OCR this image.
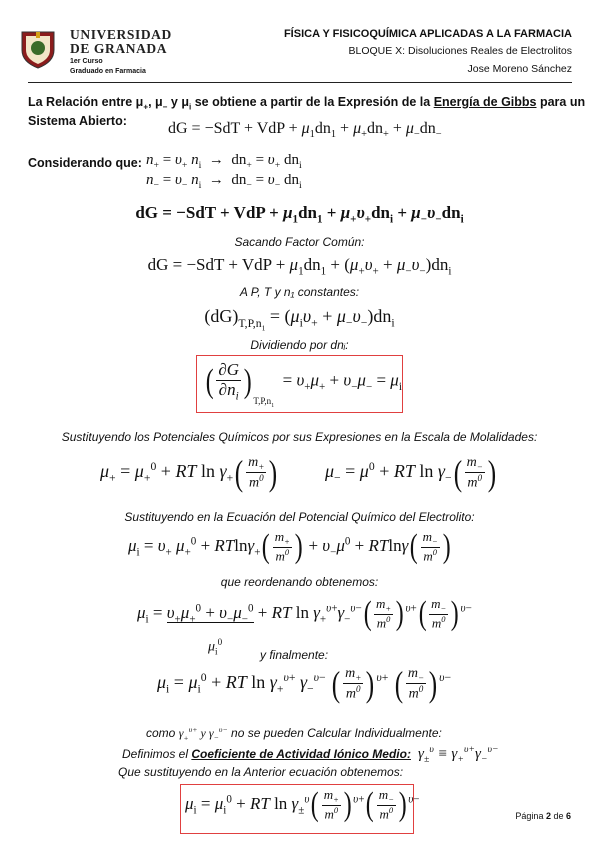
UNIVERSIDAD
DE GRANADA
1er Curso
Graduado en Farmacia
FÍSICA Y FISICOQUÍMICA APLICADAS A LA FARMACIA
BLOQUE X: Disoluciones Reales de Electrolitos
Jose Moreno Sánchez
La Relación entre $\mu_+$, $\mu_-$ y $\mu_i$ se obtiene a partir de la Expresión de la Energía de Gibbs para un
Sistema Abierto:	dG = −SdT + VdP + $\mu_1dn_1 + \mu_+dn_+ + \mu_-dn_-$
Considerando que: $n_+ = \upsilon_+$ $n_i \to dn_+ = \upsilon_+$ $dn_i$
$n_- = \upsilon_-$ $n_i \to dn_- = \upsilon_-$ $dn_i$
dG = −SdT + VdP + $\mu_1dn_1 + \mu_+\upsilon_+dn_i + \mu_-\upsilon_-dn_i$
Sacando Factor Común:
dG = −SdT + VdP + $\mu_1dn_1 + (\mu_+\upsilon_+ + \mu_-\upsilon_-)dn_i$
A P, T y n₁ constantes:
$(dG)_{T,P,n_1} = (\mu_i\upsilon_+ + \mu_-\upsilon_-)dn_i$
Dividiendo por dnᵢ:
( $\frac{\partial G}{\partial n_i} )_{T,P,n_1} = \upsilon_+\mu_+ + \upsilon_-\mu_- = \mu_i$
Sustituyendo los Potenciales Químicos por sus Expresiones en la Escala de Molalidades:
$\mu_+ = \mu_+^0$ + RT $\ln \gamma_+( \frac{m_+}{m^0}$ )	$\mu_- = \mu^0$ + RT $\ln \gamma_-( \frac{m_-}{m^0}$ )
Sustituyendo en la Ecuación del Potencial Químico del Electrolito:
$\mu_i = \upsilon_+$ $\mu_+^0 + RTln\gamma_+( \frac{m_+}{m^0}$ ) + $\upsilon_-\mu^0 + RTln\gamma( \frac{m_-}{m^0}$ )
que reordenando obtenemos:
$\mu_i = \upsilon_+\mu_+^0 + \upsilon_-\mu_-^0$ + RT $\ln \gamma_+^{\upsilon+}\gamma_-^{\upsilon-}( \frac{m_+}{m^0}$ ) $^{\upsilon+}( \frac{m_-}{m^0}$ ) $^{\upsilon-}$
$\mu_i^0$
y finalmente:
$\mu_i = \mu_i^0$ + RT $\ln \gamma_+^{\upsilon+}$ $\gamma_-^{\upsilon-}$ ( $\frac{m_+}{m^0}$ ) $^{\upsilon+}$ ( $\frac{m_-}{m^0}$ ) $^{\upsilon-}$
como $\gamma_+^{\upsilon+}$ y $\gamma_-^{\upsilon-}$ no se pueden Calcular Individualmente:
Definimos el Coeficiente de Actividad Iónico Medio:  $\gamma_\pm^\upsilon \equiv \gamma_+^{\upsilon+}\gamma_-^{\upsilon-}$
Que sustituyendo en la Anterior ecuación obtenemos:
$\mu_i = \mu_i^0$ + RT $\ln \gamma_\pm^\upsilon( \frac{m_+}{m^0}$ ) $^{\upsilon+}( \frac{m_-}{m^0}$ ) $^{\upsilon-}$
Página 2 de 6
